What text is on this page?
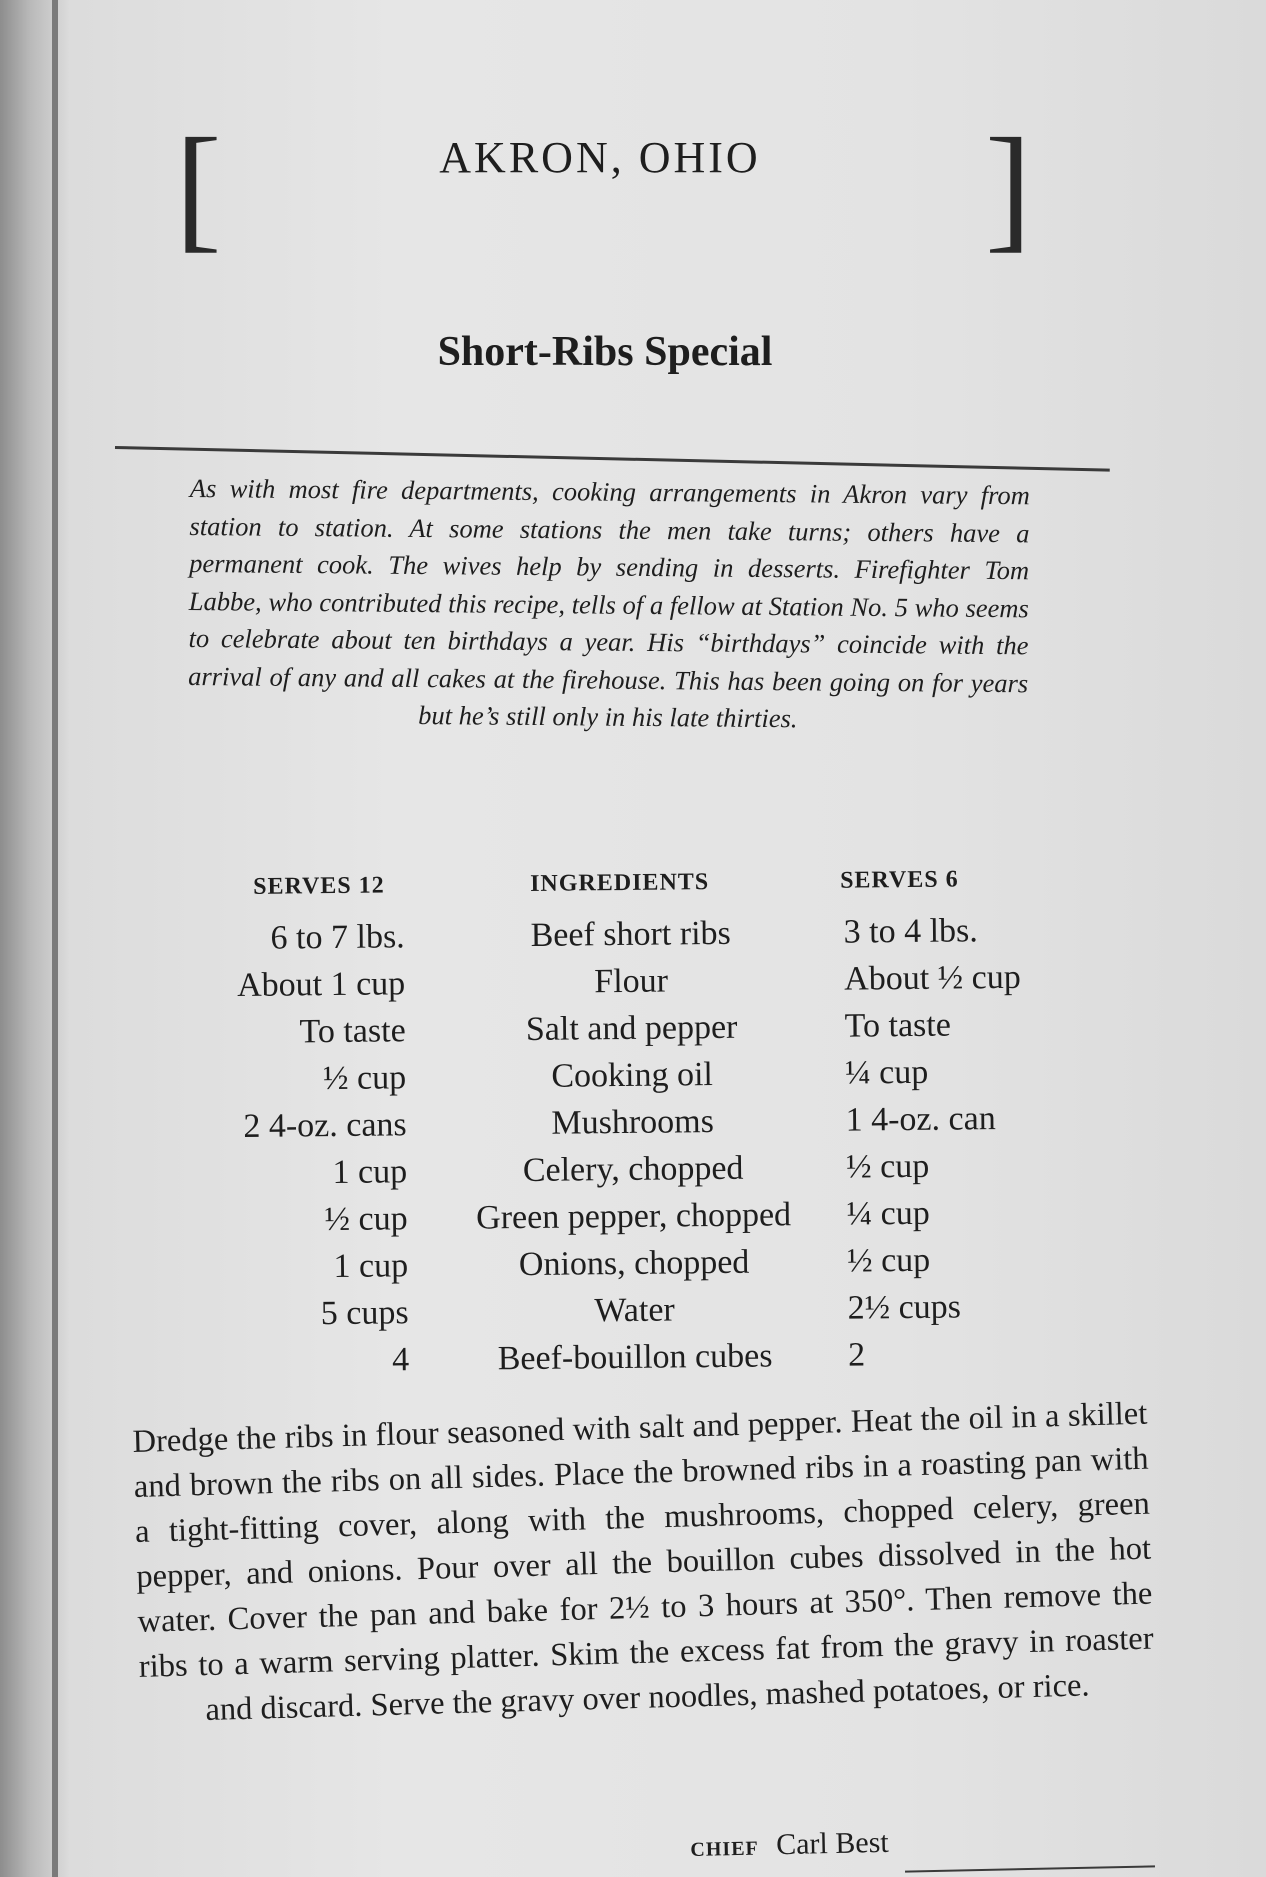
[	AKRON, OHIO	]
Short-Ribs Special
As with most fire departments, cooking arrangements in Akron vary from station to station. At some stations the men take turns; others have a permanent cook. The wives help by sending in desserts. Firefighter Tom Labbe, who contributed this recipe, tells of a fellow at Station No. 5 who seems to celebrate about ten birthdays a year. His “birthdays” coincide with the arrival of any and all cakes at the firehouse. This has been going on for years but he’s still only in his late thirties.
SERVES 12	INGREDIENTS	SERVES 6
6 to 7 lbs.	Beef short ribs	3 to 4 lbs.
About 1 cup	Flour	About ½ cup
To taste	Salt and pepper	To taste
½ cup	Cooking oil	¼ cup
2 4-oz. cans	Mushrooms	1 4-oz. can
1 cup	Celery, chopped	½ cup
½ cup	Green pepper, chopped	¼ cup
1 cup	Onions, chopped	½ cup
5 cups	Water	2½ cups
4	Beef-bouillon cubes	2
Dredge the ribs in flour seasoned with salt and pepper. Heat the oil in a skillet and brown the ribs on all sides. Place the browned ribs in a roasting pan with a tight-fitting cover, along with the mushrooms, chopped celery, green pepper, and onions. Pour over all the bouillon cubes dissolved in the hot water. Cover the pan and bake for 2½ to 3 hours at 350°. Then remove the ribs to a warm serving platter. Skim the excess fat from the gravy in roaster and discard. Serve the gravy over noodles, mashed potatoes, or rice.
CHIEF Carl Best
